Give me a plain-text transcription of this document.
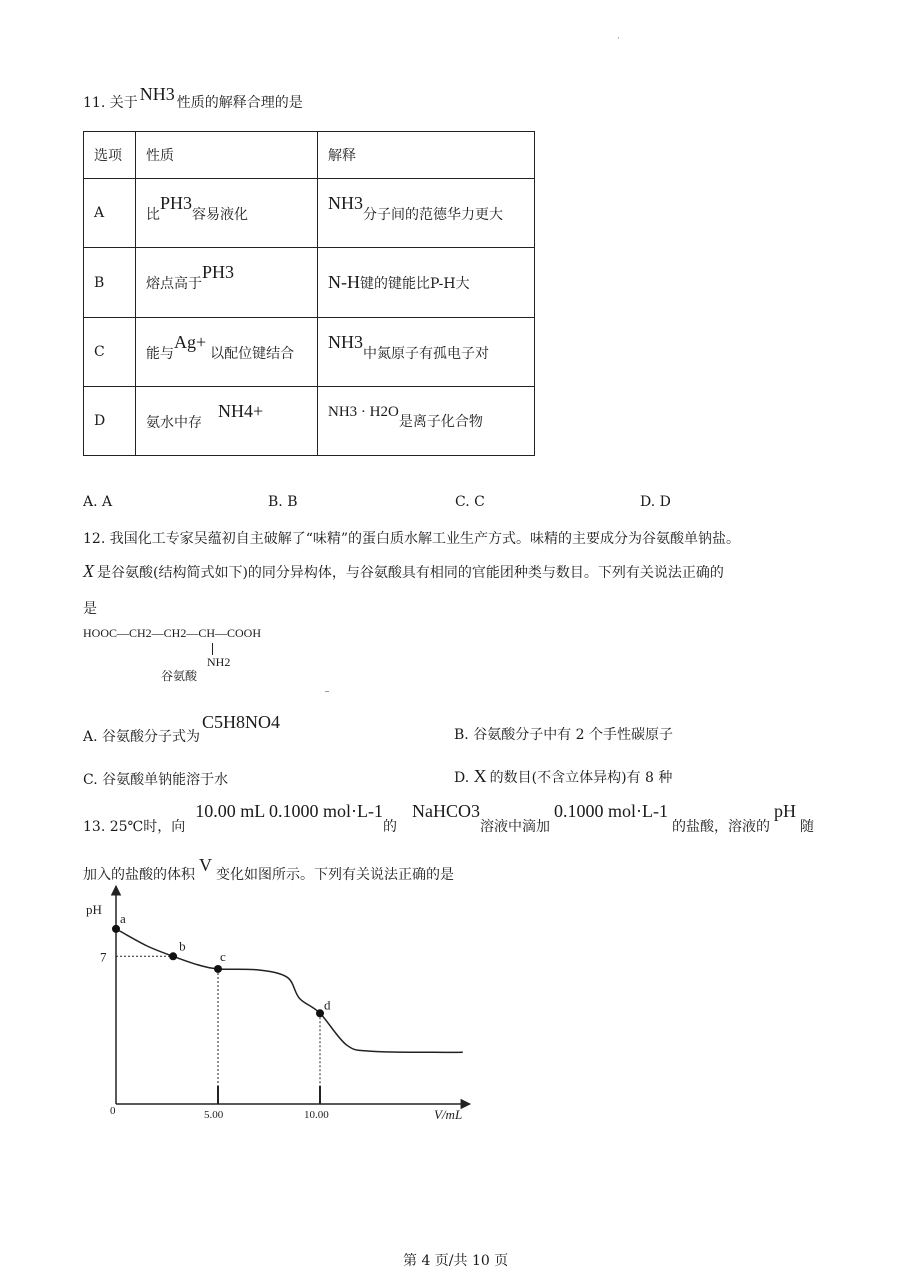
·
11. 关于 NH3 性质的解释合理的是
选项	性质	解释
A	比PH3容易液化	NH3分子间的范德华力更大
B	熔点高于PH3	N-H键的键能比P-H大
C	能与Ag+以配位键结合	NH3中氮原子有孤电子对
D	氨水中存NH4+	NH3 · H2O是离子化合物
A. A	B. B	C. C	D. D
12. 我国化工专家吴蕴初自主破解了“味精”的蛋白质水解工业生产方式。味精的主要成分为谷氨酸单钠盐。
X 是谷氨酸(结构简式如下)的同分异构体，与谷氨酸具有相同的官能团种类与数目。下列有关说法正确的
是
HOOC—CH2—CH2—CH—COOH
NH2
谷氨酸
A. 谷氨酸分子式为C5H8NO4
B. 谷氨酸分子中有 2 个手性碳原子
C. 谷氨酸单钠能溶于水	D. X 的数目(不含立体异构)有 8 种
13. 25℃时，向10.00 mL 0.1000 mol·L-1的NaHCO3溶液中滴加0.1000 mol·L-1的盐酸，溶液的pH随
加入的盐酸的体积 V 变化如图所示。下列有关说法正确的是
a
b
c
d
pH
7
0	5.00	10.00	V/mL
第 4 页/共 10 页
